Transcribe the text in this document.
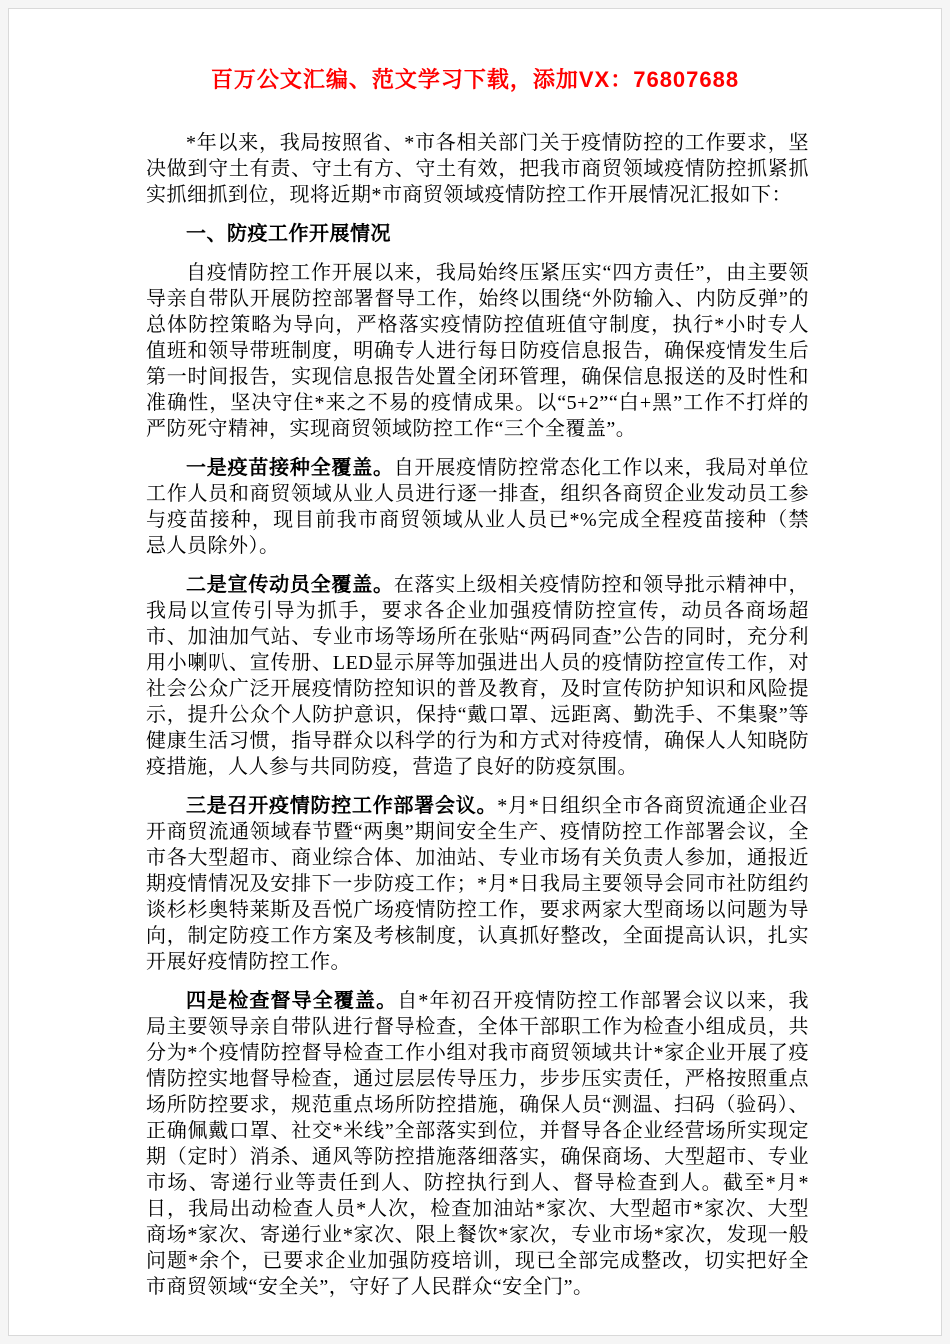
百万公文汇编、范文学习下载，添加VX：76807688

*年以来，我局按照省、*市各相关部门关于疫情防控的工作要求，坚决做到守土有责、守土有方、守土有效，把我市商贸领域疫情防控抓紧抓实抓细抓到位，现将近期*市商贸领域疫情防控工作开展情况汇报如下：

一、防疫工作开展情况

自疫情防控工作开展以来，我局始终压紧压实“四方责任”，由主要领导亲自带队开展防控部署督导工作，始终以围绕“外防输入、内防反弹”的总体防控策略为导向，严格落实疫情防控值班值守制度，执行*小时专人值班和领导带班制度，明确专人进行每日防疫信息报告，确保疫情发生后第一时间报告，实现信息报告处置全闭环管理，确保信息报送的及时性和准确性，坚决守住*来之不易的疫情成果。以“5+2”“白+黑”工作不打烊的严防死守精神，实现商贸领域防控工作“三个全覆盖”。

一是疫苗接种全覆盖。自开展疫情防控常态化工作以来，我局对单位工作人员和商贸领域从业人员进行逐一排查，组织各商贸企业发动员工参与疫苗接种，现目前我市商贸领域从业人员已*%完成全程疫苗接种（禁忌人员除外）。

二是宣传动员全覆盖。在落实上级相关疫情防控和领导批示精神中，我局以宣传引导为抓手，要求各企业加强疫情防控宣传，动员各商场超市、加油加气站、专业市场等场所在张贴“两码同查”公告的同时，充分利用小喇叭、宣传册、LED显示屏等加强进出人员的疫情防控宣传工作，对社会公众广泛开展疫情防控知识的普及教育，及时宣传防护知识和风险提示，提升公众个人防护意识，保持“戴口罩、远距离、勤洗手、不集聚”等健康生活习惯，指导群众以科学的行为和方式对待疫情，确保人人知晓防疫措施，人人参与共同防疫，营造了良好的防疫氛围。

三是召开疫情防控工作部署会议。*月*日组织全市各商贸流通企业召开商贸流通领域春节暨“两奥”期间安全生产、疫情防控工作部署会议，全市各大型超市、商业综合体、加油站、专业市场有关负责人参加，通报近期疫情情况及安排下一步防疫工作；*月*日我局主要领导会同市社防组约谈杉杉奥特莱斯及吾悦广场疫情防控工作，要求两家大型商场以问题为导向，制定防疫工作方案及考核制度，认真抓好整改，全面提高认识，扎实开展好疫情防控工作。

四是检查督导全覆盖。自*年初召开疫情防控工作部署会议以来，我局主要领导亲自带队进行督导检查，全体干部职工作为检查小组成员，共分为*个疫情防控督导检查工作小组对我市商贸领域共计*家企业开展了疫情防控实地督导检查，通过层层传导压力，步步压实责任，严格按照重点场所防控要求，规范重点场所防控措施，确保人员“测温、扫码（验码）、正确佩戴口罩、社交*米线”全部落实到位，并督导各企业经营场所实现定期（定时）消杀、通风等防控措施落细落实，确保商场、大型超市、专业市场、寄递行业等责任到人、防控执行到人、督导检查到人。截至*月*日，我局出动检查人员*人次，检查加油站*家次、大型超市*家次、大型商场*家次、寄递行业*家次、限上餐饮*家次，专业市场*家次，发现一般问题*余个，已要求企业加强防疫培训，现已全部完成整改，切实把好全市商贸领域“安全关”，守好了人民群众“安全门”。
